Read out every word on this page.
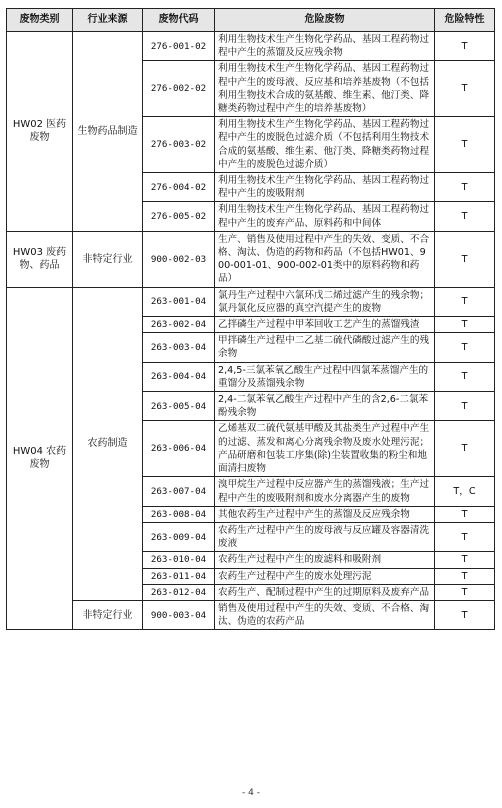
废物类别	行业来源	废物代码	危险废物	危险特性
HW02 医药废物	生物药品制造	276-001-02	利用生物技术生产生物化学药品、基因工程药物过程中产生的蒸馏及反应残余物	T
		276-002-02	利用生物技术生产生物化学药品、基因工程药物过程中产生的废母液、反应基和培养基废物（不包括利用生物技术合成的氨基酸、维生素、他汀类、降糖类药物过程中产生的培养基废物）	T
		276-003-02	利用生物技术生产生物化学药品、基因工程药物过程中产生的废脱色过滤介质（不包括利用生物技术合成的氨基酸、维生素、他汀类、降糖类药物过程中产生的废脱色过滤介质）	T
		276-004-02	利用生物技术生产生物化学药品、基因工程药物过程中产生的废吸附剂	T
		276-005-02	利用生物技术生产生物化学药品、基因工程药物过程中产生的废弃产品、原料药和中间体	T
HW03 废药物、药品	非特定行业	900-002-03	生产、销售及使用过程中产生的失效、变质、不合格、淘汰、伪造的药物和药品（不包括HW01、900-001-01、900-002-01类中的原料药物和药品）	T
HW04 农药废物	农药制造	263-001-04	氯丹生产过程中六氯环戊二烯过滤产生的残余物；氯丹氯化反应器的真空汽提产生的废物	T
		263-002-04	乙拌磷生产过程中甲苯回收工艺产生的蒸馏残渣	T
		263-003-04	甲拌磷生产过程中二乙基二硫代磷酸过滤产生的残余物	T
		263-004-04	2,4,5-三氯苯氧乙酸生产过程中四氯苯蒸馏产生的重馏分及蒸馏残余物	T
		263-005-04	2,4-二氯苯氧乙酸生产过程中产生的含2,6-二氯苯酚残余物	T
		263-006-04	乙烯基双二硫代氨基甲酸及其盐类生产过程中产生的过滤、蒸发和离心分离残余物及废水处理污泥；产品研磨和包装工序集(除)尘装置收集的粉尘和地面清扫废物	T
		263-007-04	溴甲烷生产过程中反应器产生的蒸馏残液；生产过程中产生的废吸附剂和废水分离器产生的废物	T，C
		263-008-04	其他农药生产过程中产生的蒸馏及反应残余物	T
		263-009-04	农药生产过程中产生的废母液与反应罐及容器清洗废液	T
		263-010-04	农药生产过程中产生的废滤料和吸附剂	T
		263-011-04	农药生产过程中产生的废水处理污泥	T
		263-012-04	农药生产、配制过程中产生的过期原料及废弃产品	T
	非特定行业	900-003-04	销售及使用过程中产生的失效、变质、不合格、淘汰、伪造的农药产品	T
- 4 -
